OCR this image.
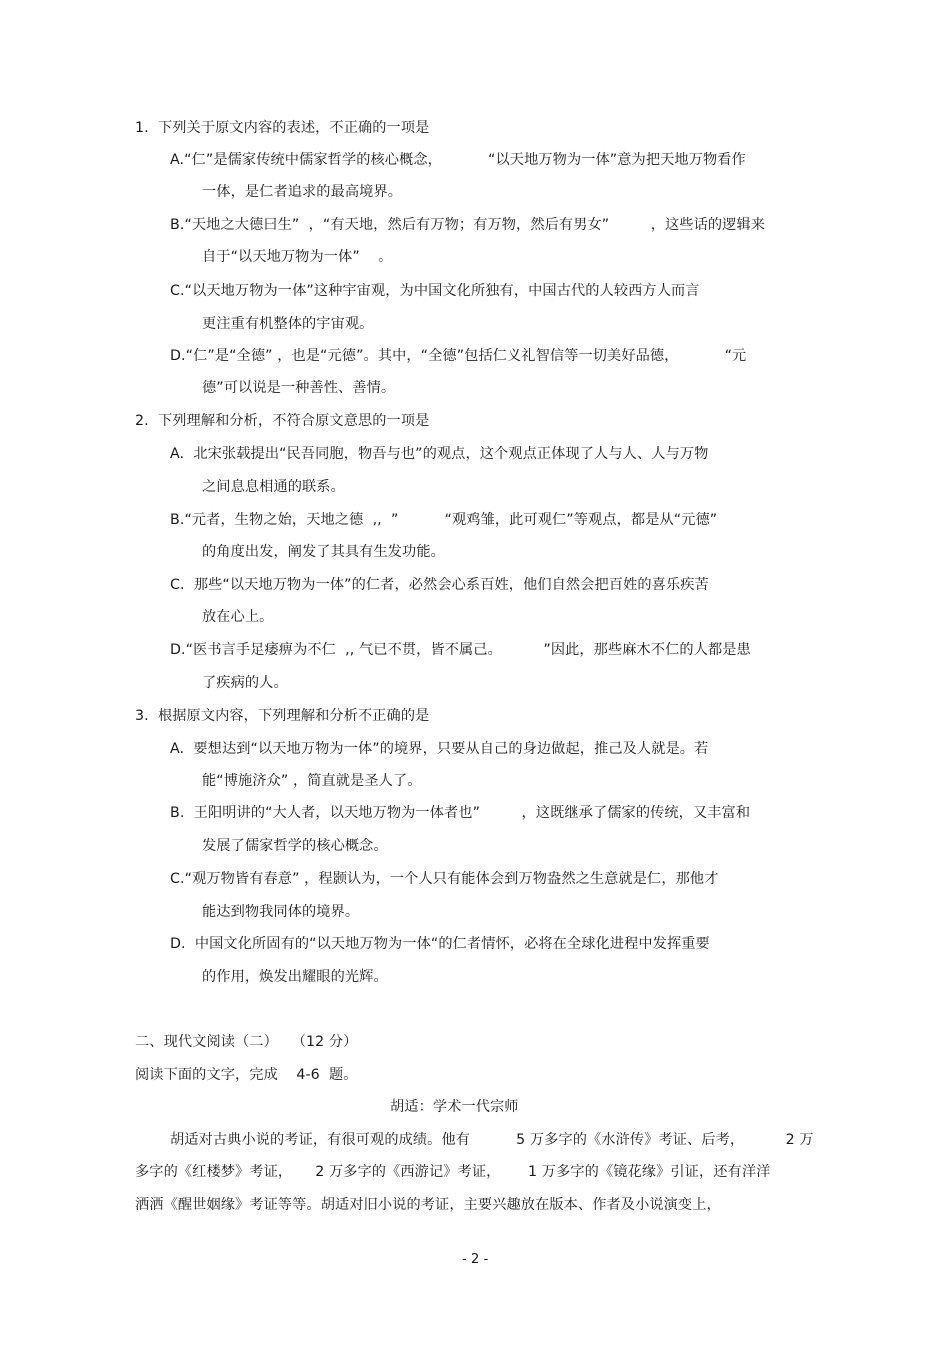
1.  下列关于原文内容的表述，不正确的一项是
A.“仁”是儒家传统中儒家哲学的核心概念，          “以天地万物为一体”意为把天地万物看作
一体，是仁者追求的最高境界。
B.“天地之大德曰生”  ，“有天地，然后有万物；有万物，然后有男女”         ，这些话的逻辑来
自于“以天地万物为一体”    。
C.“以天地万物为一体”这种宇宙观，为中国文化所独有，中国古代的人较西方人而言
更注重有机整体的宇宙观。
D.“仁”是“全德” ，也是“元德”。其中，“全德”包括仁义礼智信等一切美好品德，          “元
德”可以说是一种善性、善情。
2.  下列理解和分析，不符合原文意思的一项是
A.  北宋张载提出“民吾同胞，物吾与也”的观点，这个观点正体现了人与人、人与万物
之间息息相通的联系。
B.“元者，生物之始，天地之德  ,,  ”          “观鸡雏，此可观仁”等观点，都是从“元德”
的角度出发，阐发了其具有生发功能。
C.  那些“以天地万物为一体”的仁者，必然会心系百姓，他们自然会把百姓的喜乐疾苦
放在心上。
D.“医书言手足痿痹为不仁  ,, 气已不贯，皆不属己。         ”因此，那些麻木不仁的人都是患
了疾病的人。
3.  根据原文内容，下列理解和分析不正确的是
A.  要想达到“以天地万物为一体”的境界，只要从自己的身边做起，推己及人就是。若
能“博施济众” ，简直就是圣人了。
B.  王阳明讲的“大人者，以天地万物为一体者也”         ，这既继承了儒家的传统，又丰富和
发展了儒家哲学的核心概念。
C.“观万物皆有春意” ，程颢认为，一个人只有能体会到万物盎然之生意就是仁，那他才
能达到物我同体的境界。
D.  中国文化所固有的“以天地万物为一体“的仁者情怀，必将在全球化进程中发挥重要
的作用，焕发出耀眼的光辉。
二、现代文阅读（二）   （12 分）
阅读下面的文字，完成    4-6  题。
胡适：学术一代宗师
胡适对古典小说的考证，有很可观的成绩。他有          5 万多字的《水浒传》考证、后考，         2 万
多字的《红楼梦》考证，     2 万多字的《西游记》考证，      1 万多字的《镜花缘》引证，还有洋洋
洒洒《醒世姻缘》考证等等。胡适对旧小说的考证，主要兴趣放在版本、作者及小说演变上，
- 2 -
